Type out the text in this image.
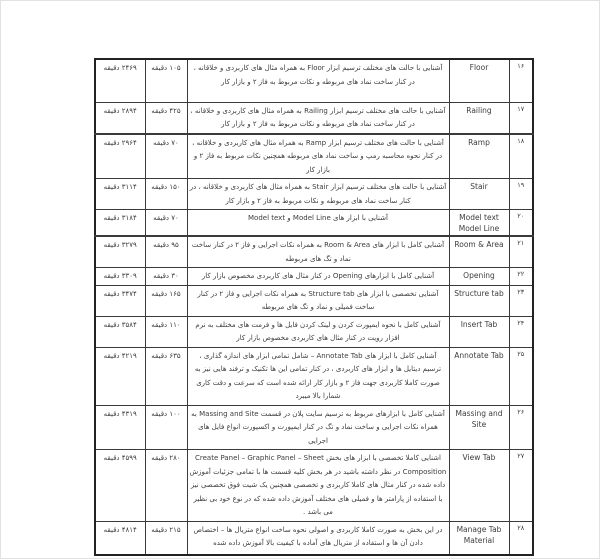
۱۶	Floor	آشنایی با حالت های مختلف ترسیم ابزار Floor به همراه مثال های کاربردی و خلاقانه ، در کنار ساخت نماد های مربوطه و نکات مربوط به فاز ۲ و بازار کار	۱۰۵ دقیقه	۲۴۶۹ دقیقه
۱۷	Railing	آشنایی با حالت های مختلف ترسیم ابزار Railing به همراه مثال های کاربردی و خلاقانه ، در کنار ساخت نماد های مربوطه و نکات مربوط به فاز ۲ و بازار کار	۴۲۵ دقیقه	۲۸۹۴ دقیقه
۱۸	Ramp	آشنایی با حالت های مختلف ترسیم ابزار Ramp به همراه مثال های کاربردی و خلاقانه ، در کنار نحوه محاسبه رمپ و ساخت نماد های مربوطه همچنین نکات مربوط به فاز ۲ و بازار کار	۷۰ دقیقه	۲۹۶۴ دقیقه
۱۹	Stair	آشنایی با حالت های مختلف ترسیم ابزار Stair به همراه مثال های کاربردی و خلاقانه ، در کنار ساخت نماد های مربوطه و نکات مربوط به فاز ۲ و بازار کار	۱۵۰ دقیقه	۳۱۱۴ دقیقه
۲۰	Model text Model Line	آشنایی با ابزار های Model Line و Model text	۷۰ دقیقه	۳۱۸۴ دقیقه
۲۱	Room & Area	آشنایی کامل با ابزار های Room & Area به همراه نکات اجرایی و فاز ۲ در کنار ساخت نماد و تگ های مربوطه	۹۵ دقیقه	۳۲۷۹ دقیقه
۲۲	Opening	آشنایی کامل با ابزارهای Opening در کنار مثال های کاربردی مخصوص بازار کار	۳۰ دقیقه	۳۳۰۹ دقیقه
۲۳	Structure tab	آشنایی تخصصی با ابزار های Structure tab به همراه نکات اجرایی و فاز ۲ در کنار ساخت فمیلی و نماد و تگ های مربوطه	۱۶۵ دقیقه	۳۴۷۴ دقیقه
۲۴	Insert Tab	آشنایی کامل با نحوه ایمپورت کردن و لینک کردن فایل ها و فرمت های مختلف به نرم افزار رویت در کنار مثال های کاربردی مخصوص بازار کار	۱۱۰ دقیقه	۳۵۸۴ دقیقه
۲۵	Annotate Tab	آشنایی کامل با ابزار های Annotate Tab – شامل تمامی ابزار های اندازه گذاری ، ترسیم دیتایل ها و ابزار های کاربردی ، در کنار تمامی این ها تکنیک و ترفند هایی نیز به صورت کاملا کاربردی جهت فاز ۲ و بازار کار ارائه شده است که سرعت و دقت کاری شمارا بالا میبرد	۶۳۵ دقیقه	۴۲۱۹ دقیقه
۲۶	Massing and Site	آشنایی کامل با ابزارهای مربوط به ترسیم سایت پلان در قسمت Massing and Site به همراه نکات اجرایی و ساخت نماد و تگ در کنار ایمپورت و اکسپورت انواع فایل های اجرایی	۱۰۰ دقیقه	۴۳۱۹ دقیقه
۲۷	View Tab	اشنایی کاملا تخصصی با ابزار های بخش Create Panel – Graphic Panel – Sheet Composition در نظر داشته باشید در هر بخش کلیه قسمت ها با تمامی جزئیات آموزش داده شده در کنار مثال های کاملا کاربردی و تخصصی همچنین یک شیت فوق تخصصی نیز با استفاده از پارامتر ها و فمیلی های مختلف آموزش داده شده که در نوع خود بی نظیر می باشد .	۲۸۰ دقیقه	۴۵۹۹ دقیقه
۲۸	Manage Tab Material	در این بخش به صورت کاملا کاربردی و اصولی نحوه ساخت انواع متریال ها – اختصاص دادن آن ها و استفاده از متریال های آماده با کیفیت بالا آموزش داده شده	۲۱۵ دقیقه	۴۸۱۴ دقیقه
